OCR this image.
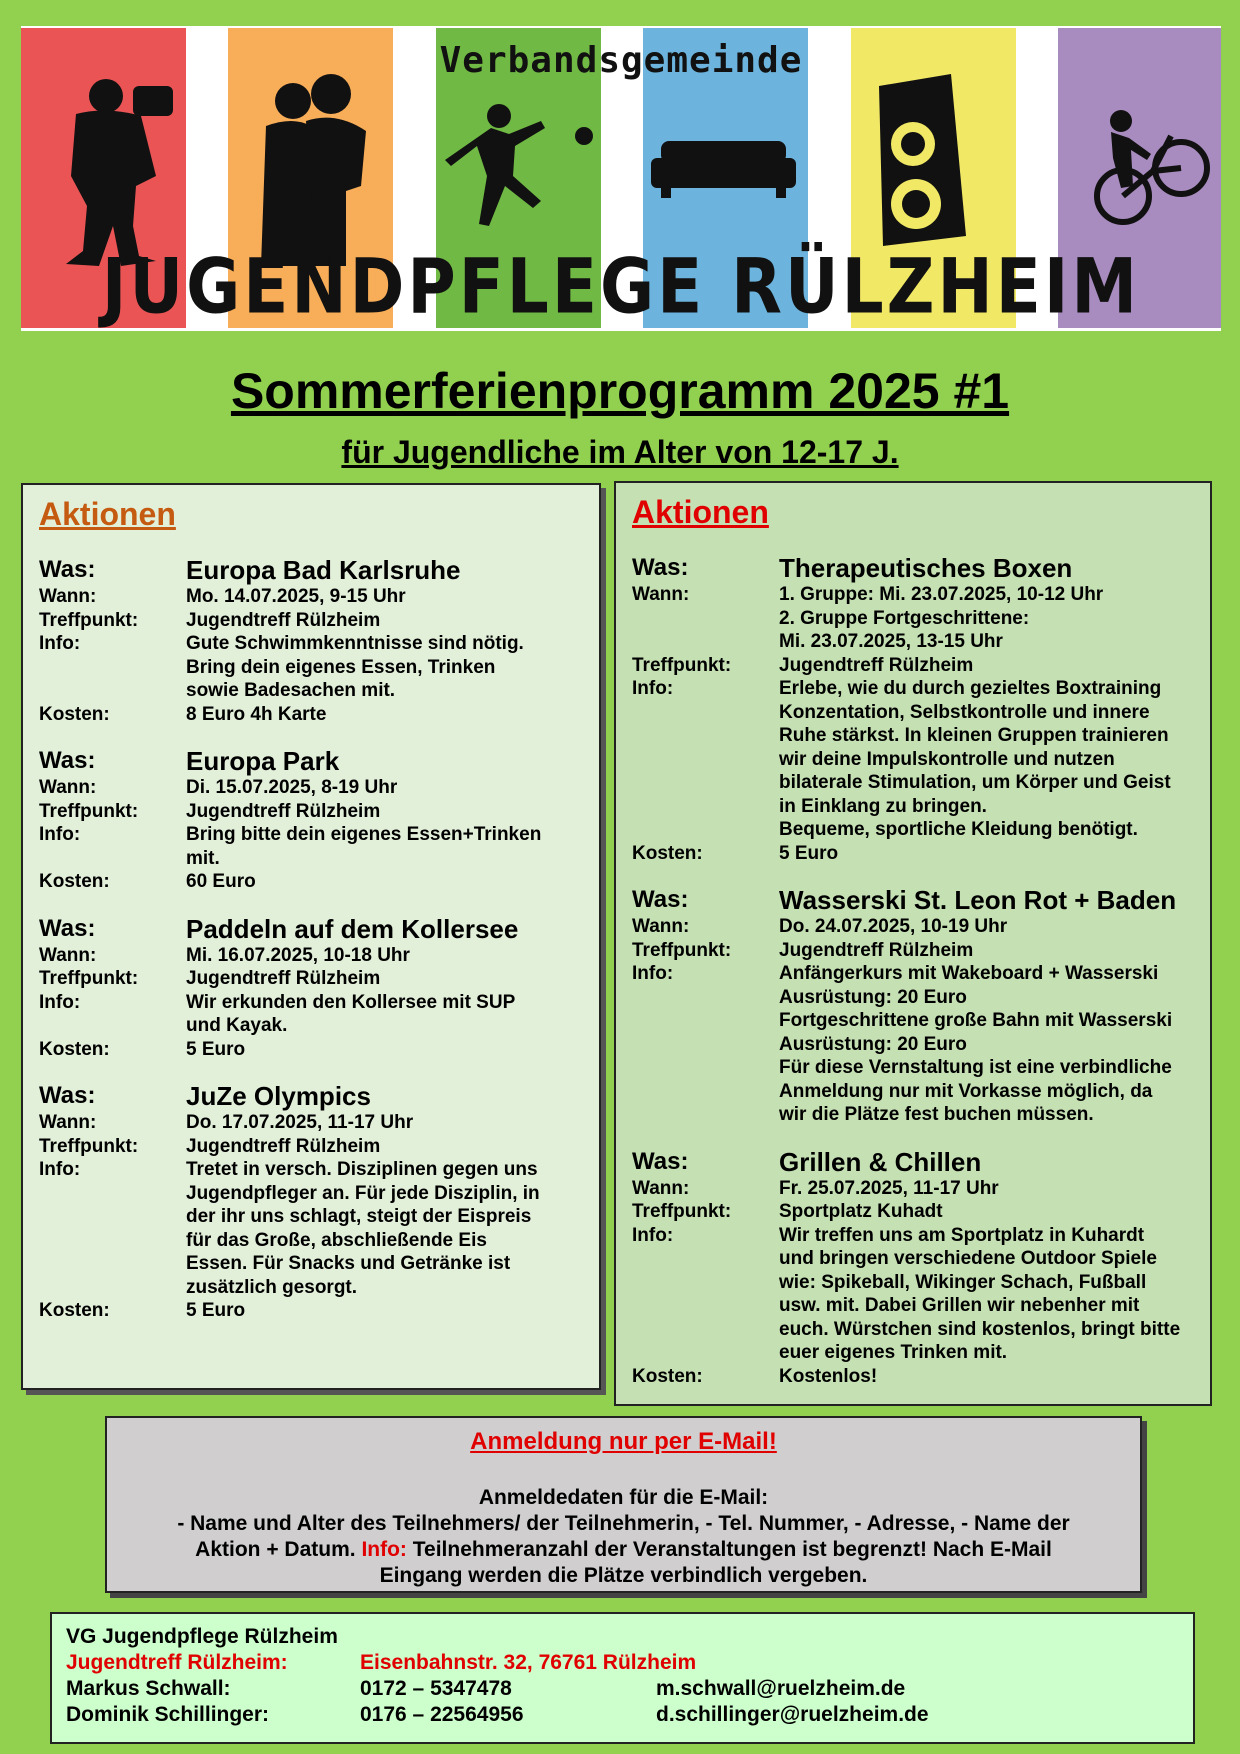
Verbandsgemeinde
JUGENDPFLEGE RÜLZHEIM
Sommerferienprogramm 2025 #1
für Jugendliche im Alter von 12-17 J.
Aktionen
Was:	Europa Bad Karlsruhe
Wann:	Mo. 14.07.2025, 9-15 Uhr
Treffpunkt:	Jugendtreff Rülzheim
Info:	Gute Schwimmkenntnisse sind nötig.
Bring dein eigenes Essen, Trinken
sowie Badesachen mit.
Kosten:	8 Euro 4h Karte
Was:	Europa Park
Wann:	Di. 15.07.2025, 8-19 Uhr
Treffpunkt:	Jugendtreff Rülzheim
Info:	Bring bitte dein eigenes Essen+Trinken
mit.
Kosten:	60 Euro
Was:	Paddeln auf dem Kollersee
Wann:	Mi. 16.07.2025, 10-18 Uhr
Treffpunkt:	Jugendtreff Rülzheim
Info:	Wir erkunden den Kollersee mit SUP
und Kayak.
Kosten:	5 Euro
Was:	JuZe Olympics
Wann:	Do. 17.07.2025, 11-17 Uhr
Treffpunkt:	Jugendtreff Rülzheim
Info:	Tretet in versch. Disziplinen gegen uns
Jugendpfleger an. Für jede Disziplin, in
der ihr uns schlagt, steigt der Eispreis
für das Große, abschließende Eis
Essen. Für Snacks und Getränke ist
zusätzlich gesorgt.
Kosten:	5 Euro
Aktionen
Was:	Therapeutisches Boxen
Wann:	1. Gruppe: Mi. 23.07.2025, 10-12 Uhr
2. Gruppe Fortgeschrittene:
Mi. 23.07.2025, 13-15 Uhr
Treffpunkt:	Jugendtreff Rülzheim
Info:	Erlebe, wie du durch gezieltes Boxtraining
Konzentation, Selbstkontrolle und innere
Ruhe stärkst. In kleinen Gruppen trainieren
wir deine Impulskontrolle und nutzen
bilaterale Stimulation, um Körper und Geist
in Einklang zu bringen.
Bequeme, sportliche Kleidung benötigt.
Kosten:	5 Euro
Was:	Wasserski St. Leon Rot + Baden
Wann:	Do. 24.07.2025, 10-19 Uhr
Treffpunkt:	Jugendtreff Rülzheim
Info:	Anfängerkurs mit Wakeboard + Wasserski
Ausrüstung: 20 Euro
Fortgeschrittene große Bahn mit Wasserski
Ausrüstung: 20 Euro
Für diese Vernstaltung ist eine verbindliche
Anmeldung nur mit Vorkasse möglich, da
wir die Plätze fest buchen müssen.
Was:	Grillen & Chillen
Wann:	Fr. 25.07.2025, 11-17 Uhr
Treffpunkt:	Sportplatz Kuhadt
Info:	Wir treffen uns am Sportplatz in Kuhardt
und bringen verschiedene Outdoor Spiele
wie: Spikeball, Wikinger Schach, Fußball
usw. mit. Dabei Grillen wir nebenher mit
euch. Würstchen sind kostenlos, bringt bitte
euer eigenes Trinken mit.
Kosten:	Kostenlos!
Anmeldung nur per E-Mail!
Anmeldedaten für die E-Mail:
- Name und Alter des Teilnehmers/ der Teilnehmerin, - Tel. Nummer, - Adresse, - Name der
Aktion + Datum. Info: Teilnehmeranzahl der Veranstaltungen ist begrenzt! Nach E-Mail
Eingang werden die Plätze verbindlich vergeben.
VG Jugendpflege Rülzheim
Jugendtreff Rülzheim:	Eisenbahnstr. 32, 76761 Rülzheim
Markus Schwall:	0172 – 5347478	m.schwall@ruelzheim.de
Dominik Schillinger:	0176 – 22564956	d.schillinger@ruelzheim.de
